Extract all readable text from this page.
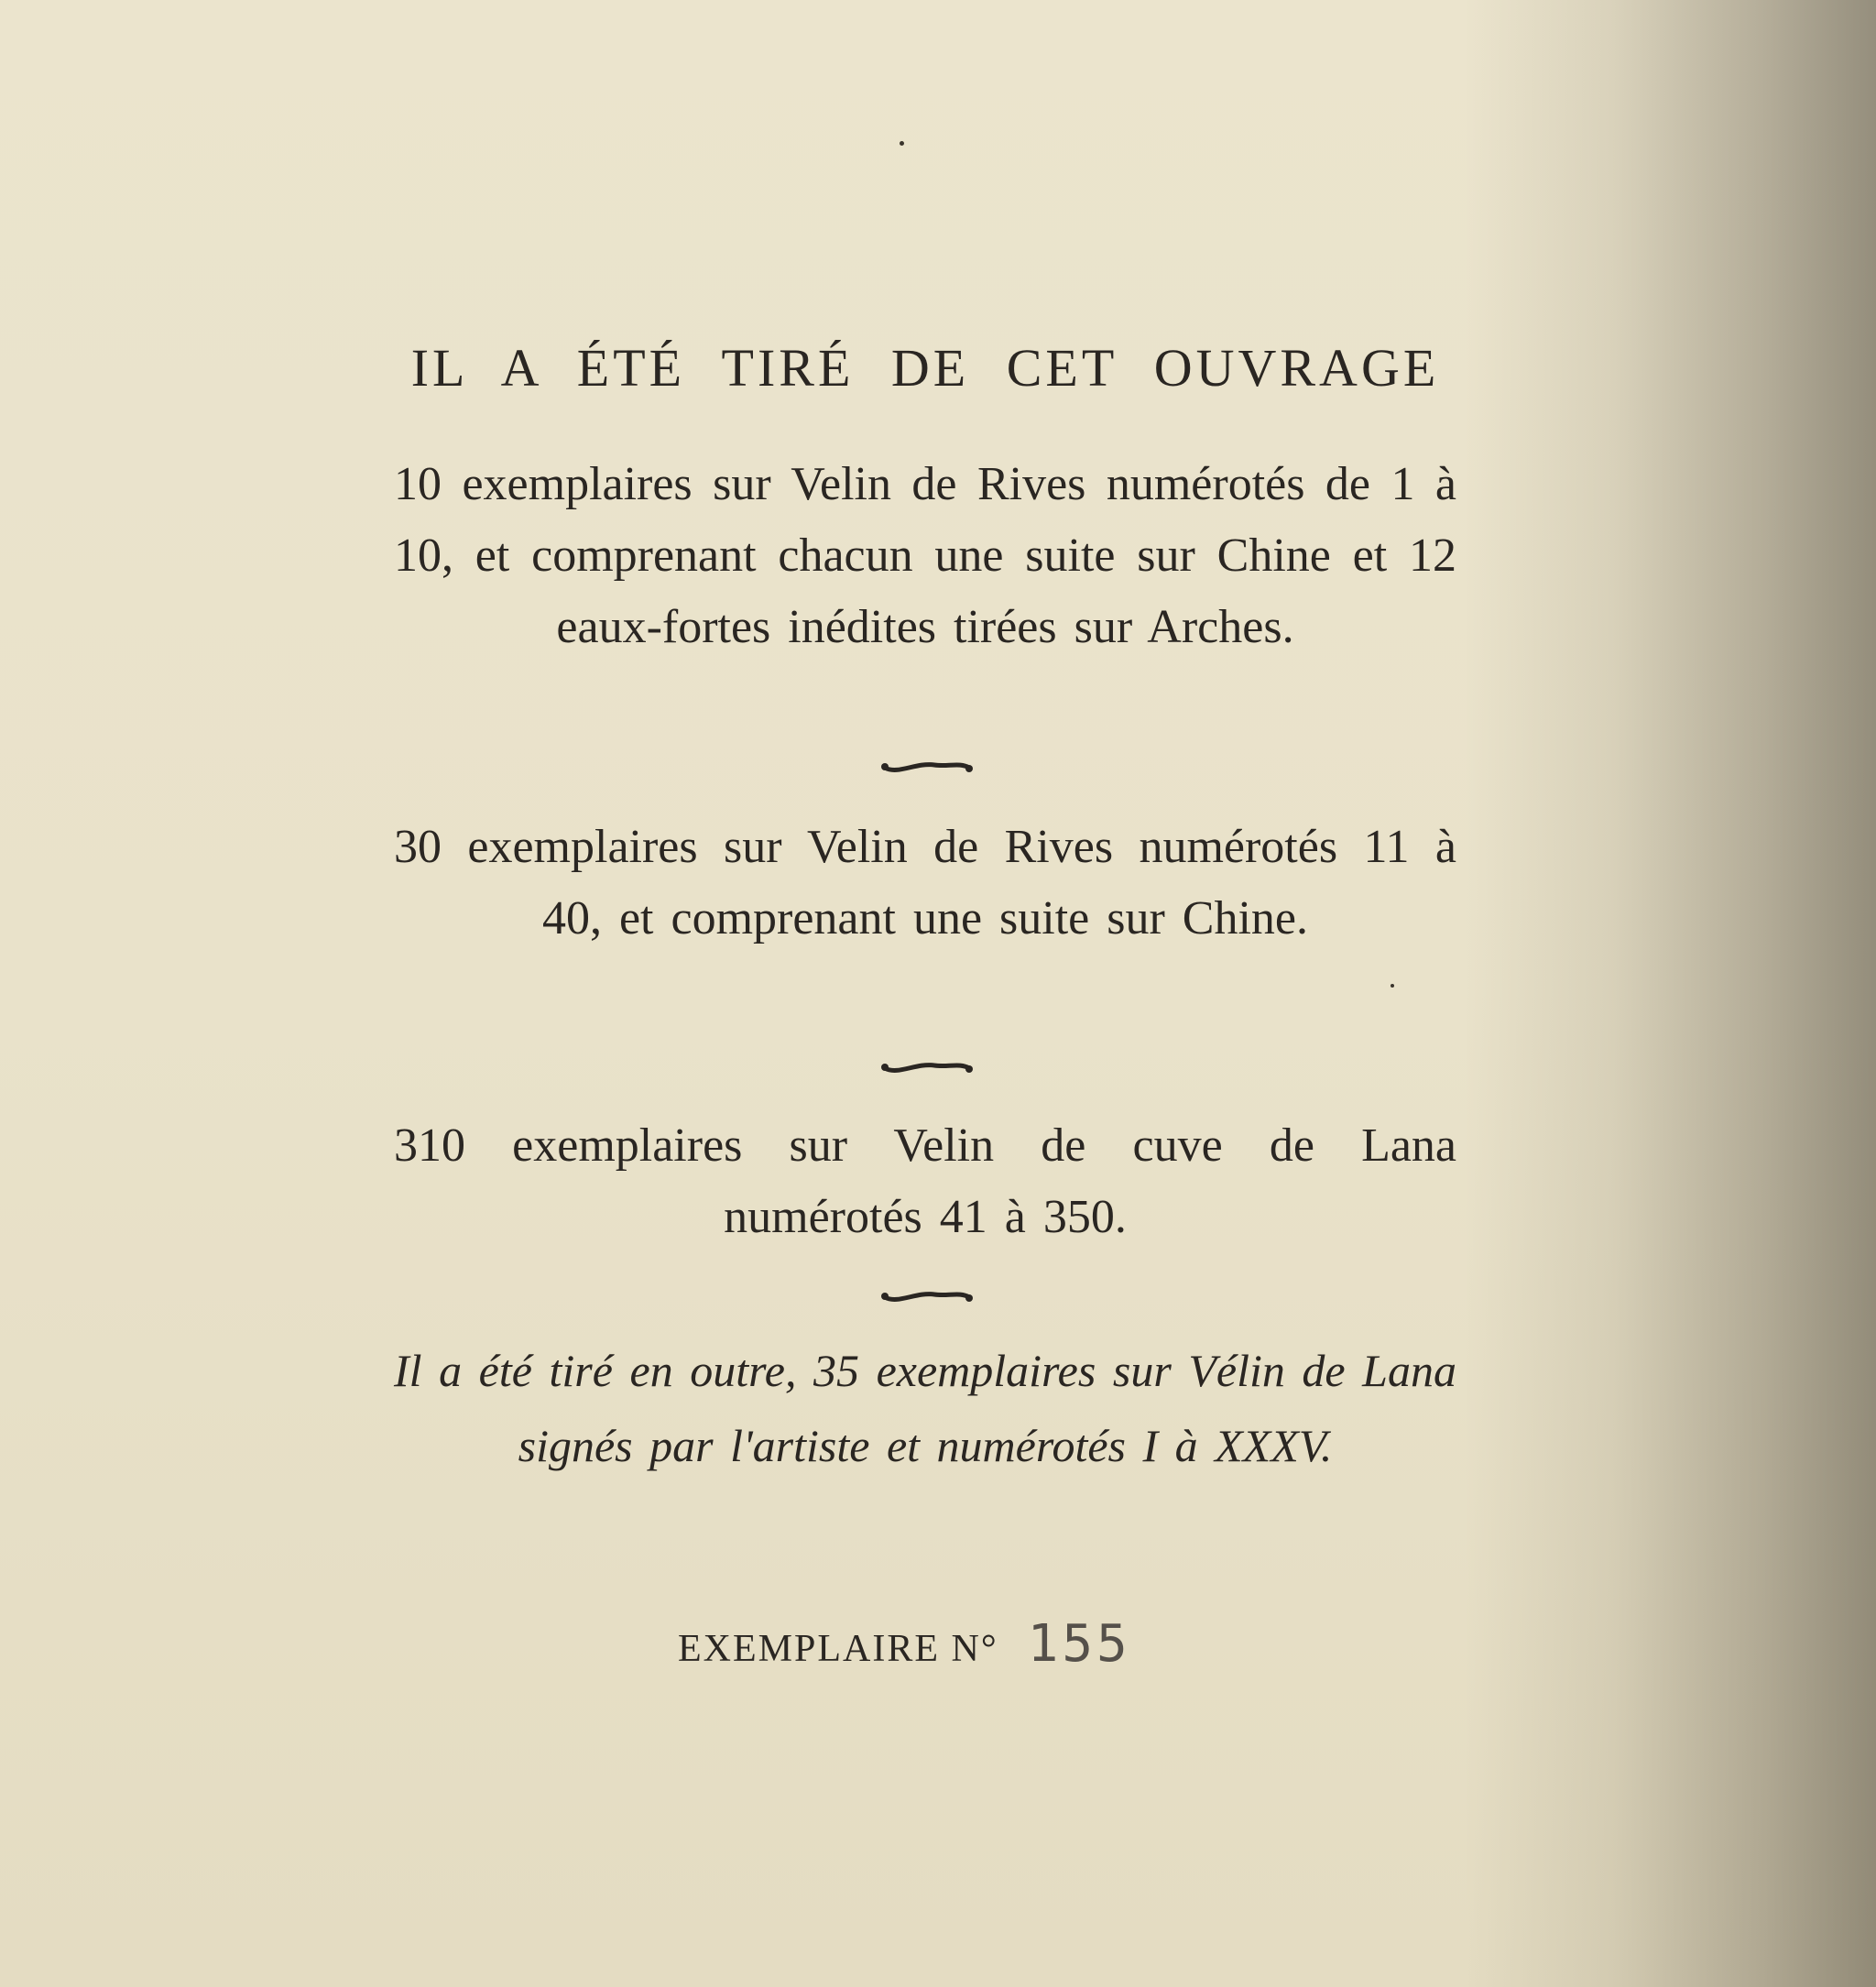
IL A ÉTÉ TIRÉ DE CET OUVRAGE
10 exemplaires sur Velin de Rives numérotés de 1 à 10, et comprenant chacun une suite sur Chine et 12 eaux-fortes inédites tirées sur Arches.
30 exemplaires sur Velin de Rives numérotés 11 à 40, et comprenant une suite sur Chine.
310 exemplaires sur Velin de cuve de Lana numérotés 41 à 350.
Il a été tiré en outre, 35 exemplaires sur Vélin de Lana signés par l'artiste et numérotés I à XXXV.
EXEMPLAIRE N° 155
